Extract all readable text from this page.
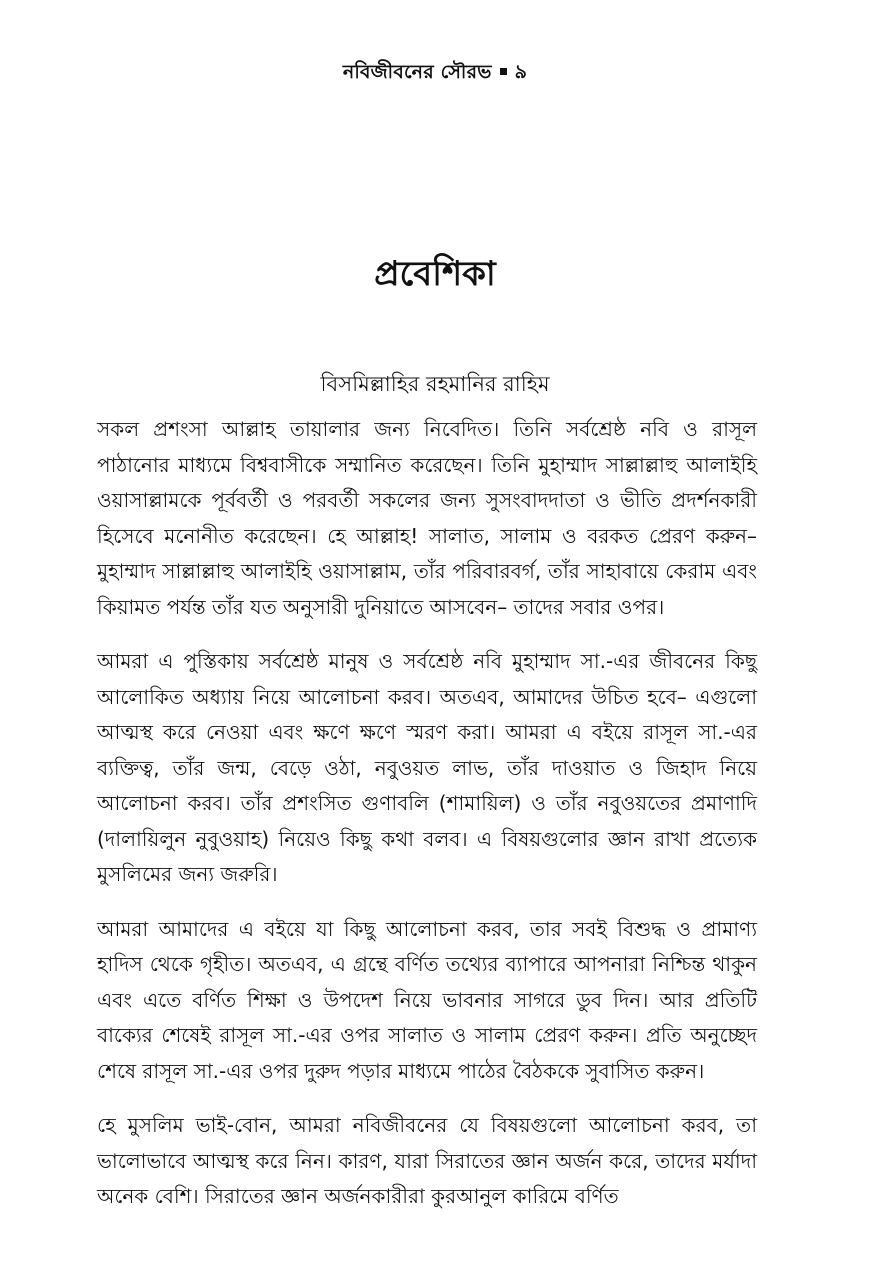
নবিজীবনের সৌরভ ৯
প্রবেশিকা
বিসমিল্লাহির রহমানির রাহিম

সকল প্রশংসা আল্লাহ তায়ালার জন্য নিবেদিত। তিনি সর্বশ্রেষ্ঠ নবি ও রাসূল পাঠানোর মাধ্যমে বিশ্ববাসীকে সম্মানিত করেছেন। তিনি মুহাম্মাদ সাল্লাল্লাহু আলাইহি ওয়াসাল্লামকে পূর্ববর্তী ও পরবর্তী সকলের জন্য সুসংবাদদাতা ও ভীতি প্রদর্শনকারী হিসেবে মনোনীত করেছেন। হে আল্লাহ! সালাত, সালাম ও বরকত প্রেরণ করুন– মুহাম্মাদ সাল্লাল্লাহু আলাইহি ওয়াসাল্লাম, তাঁর পরিবারবর্গ, তাঁর সাহাবায়ে কেরাম এবং কিয়ামত পর্যন্ত তাঁর যত অনুসারী দুনিয়াতে আসবেন– তাদের সবার ওপর।

আমরা এ পুস্তিকায় সর্বশ্রেষ্ঠ মানুষ ও সর্বশ্রেষ্ঠ নবি মুহাম্মাদ সা.-এর জীবনের কিছু আলোকিত অধ্যায় নিয়ে আলোচনা করব। অতএব, আমাদের উচিত হবে– এগুলো আত্মস্থ করে নেওয়া এবং ক্ষণে ক্ষণে স্মরণ করা। আমরা এ বইয়ে রাসূল সা.-এর ব্যক্তিত্ব, তাঁর জন্ম, বেড়ে ওঠা, নবুওয়ত লাভ, তাঁর দাওয়াত ও জিহাদ নিয়ে আলোচনা করব। তাঁর প্রশংসিত গুণাবলি (শামায়িল) ও তাঁর নবুওয়তের প্রমাণাদি (দালায়িলুন নুবুওয়াহ) নিয়েও কিছু কথা বলব। এ বিষয়গুলোর জ্ঞান রাখা প্রত্যেক মুসলিমের জন্য জরুরি।

আমরা আমাদের এ বইয়ে যা কিছু আলোচনা করব, তার সবই বিশুদ্ধ ও প্রামাণ্য হাদিস থেকে গৃহীত। অতএব, এ গ্রন্থে বর্ণিত তথ্যের ব্যাপারে আপনারা নিশ্চিন্ত থাকুন এবং এতে বর্ণিত শিক্ষা ও উপদেশ নিয়ে ভাবনার সাগরে ডুব দিন। আর প্রতিটি বাক্যের শেষেই রাসূল সা.-এর ওপর সালাত ও সালাম প্রেরণ করুন। প্রতি অনুচ্ছেদ শেষে রাসূল সা.-এর ওপর দুরুদ পড়ার মাধ্যমে পাঠের বৈঠককে সুবাসিত করুন।

হে মুসলিম ভাই-বোন, আমরা নবিজীবনের যে বিষয়গুলো আলোচনা করব, তা ভালোভাবে আত্মস্থ করে নিন। কারণ, যারা সিরাতের জ্ঞান অর্জন করে, তাদের মর্যাদা অনেক বেশি। সিরাতের জ্ঞান অর্জনকারীরা কুরআনুল কারিমে বর্ণিত
